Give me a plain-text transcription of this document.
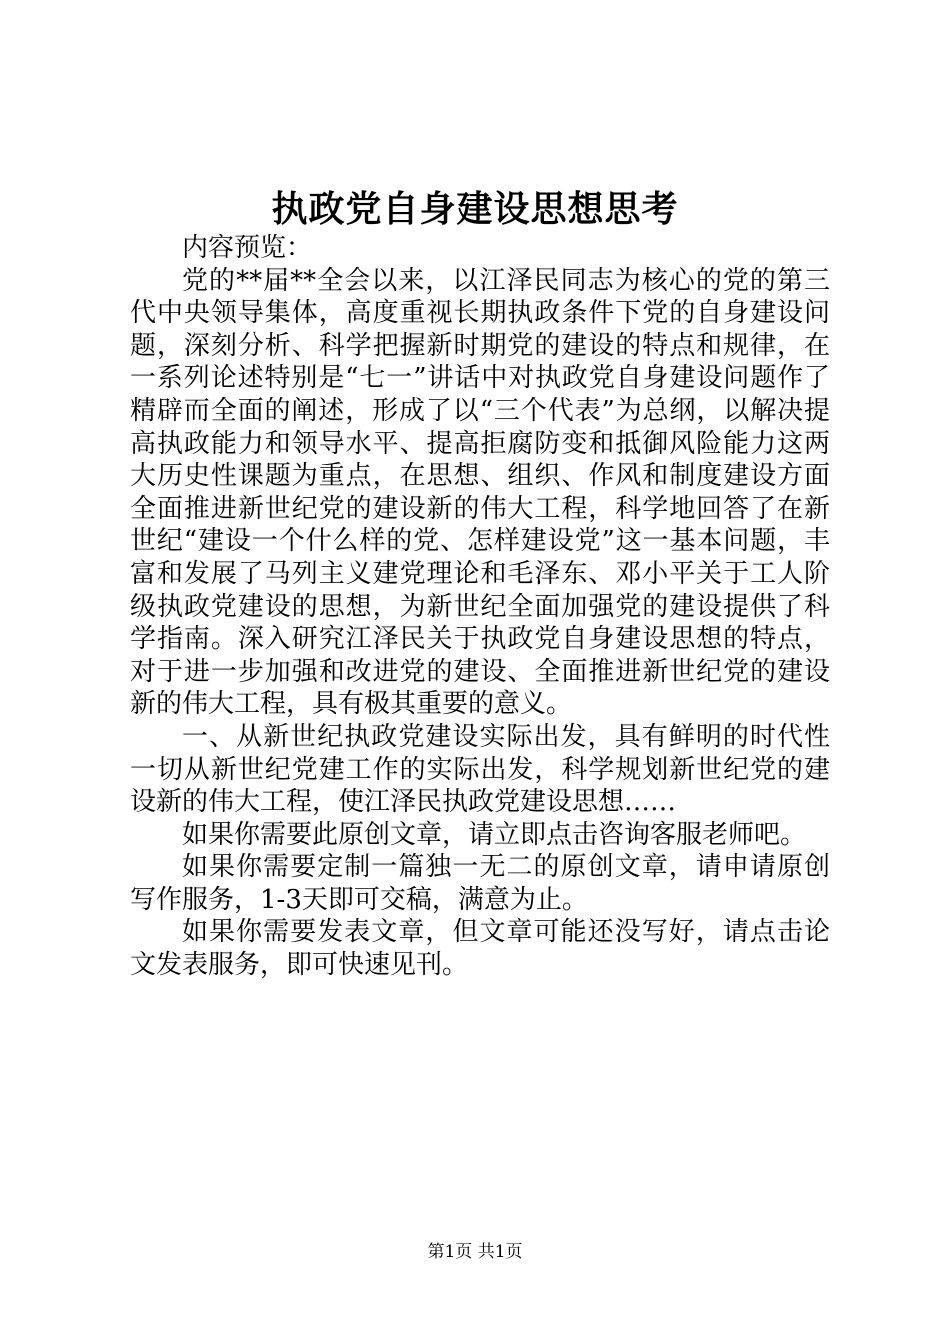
执政党自身建设思想思考

内容预览：

党的**届**全会以来，以江泽民同志为核心的党的第三代中央领导集体，高度重视长期执政条件下党的自身建设问题，深刻分析、科学把握新时期党的建设的特点和规律，在一系列论述特别是“七一”讲话中对执政党自身建设问题作了精辟而全面的阐述，形成了以“三个代表”为总纲，以解决提高执政能力和领导水平、提高拒腐防变和抵御风险能力这两大历史性课题为重点，在思想、组织、作风和制度建设方面全面推进新世纪党的建设新的伟大工程，科学地回答了在新世纪“建设一个什么样的党、怎样建设党”这一基本问题，丰富和发展了马列主义建党理论和毛泽东、邓小平关于工人阶级执政党建设的思想，为新世纪全面加强党的建设提供了科学指南。深入研究江泽民关于执政党自身建设思想的特点，对于进一步加强和改进党的建设、全面推进新世纪党的建设新的伟大工程，具有极其重要的意义。

一、从新世纪执政党建设实际出发，具有鲜明的时代性一切从新世纪党建工作的实际出发，科学规划新世纪党的建设新的伟大工程，使江泽民执政党建设思想……

如果你需要此原创文章，请立即点击咨询客服老师吧。

如果你需要定制一篇独一无二的原创文章，请申请原创写作服务，1-3天即可交稿，满意为止。

如果你需要发表文章，但文章可能还没写好，请点击论文发表服务，即可快速见刊。

第1页 共1页
